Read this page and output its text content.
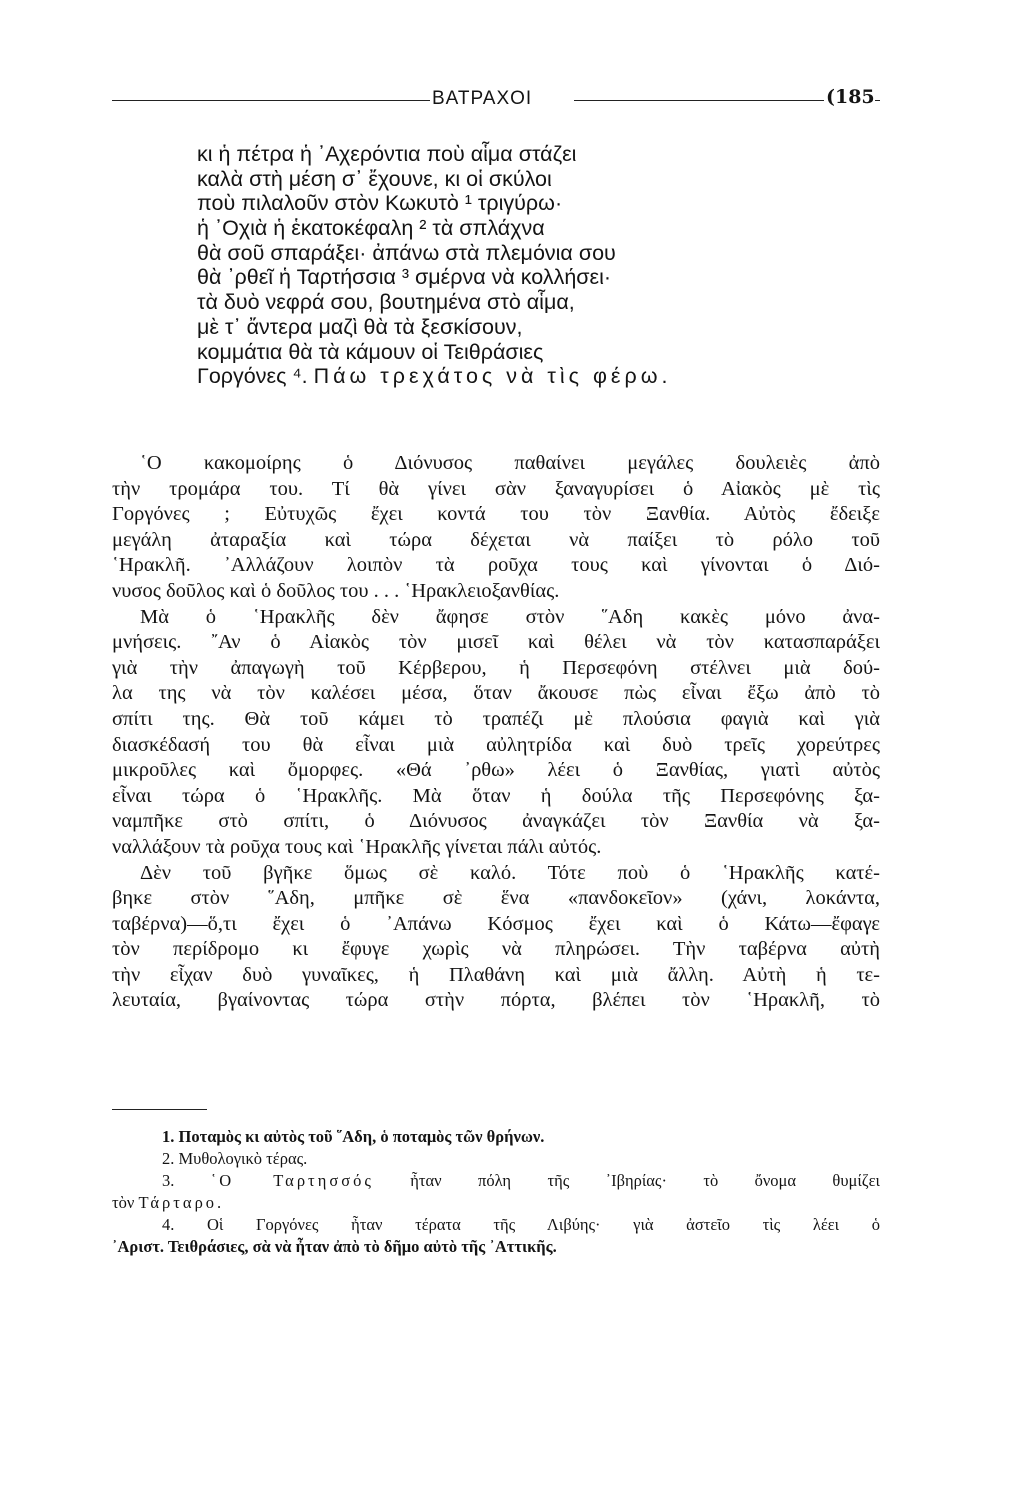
ΒΑΤΡΑΧΟΙ	(185
κι ἡ πέτρα ἡ ᾿Αχερόντια ποὺ αἷμα στάζει
καλὰ στὴ μέση σ᾿ ἔχουνε, κι οἱ σκύλοι
ποὺ πιλαλοῦν στὸν Κωκυτὸ ¹ τριγύρω·
ἡ ᾿Οχιὰ ἡ ἑκατοκέφαλη ² τὰ σπλάχνα
θὰ σοῦ σπαράξει· ἀπάνω στὰ πλεμόνια σου
θὰ ᾿ρθεῖ ἡ Ταρτήσσια ³ σμέρνα νὰ κολλήσει·
τὰ δυὸ νεφρά σου, βουτημένα στὸ αἷμα,
μὲ τ᾿ ἄντερα μαζὶ θὰ τὰ ξεσκίσουν,
κομμάτια θὰ τὰ κάμουν οἱ Τειθράσιες
Γοργόνες ⁴. Πάω τρεχάτος νὰ τὶς φέρω.
῾Ο κακομοίρης ὁ Διόνυσος παθαίνει μεγάλες δουλειὲς ἀπὸ
τὴν τρομάρα του. Τί θὰ γίνει σὰν ξαναγυρίσει ὁ Αἰακὸς μὲ τὶς
Γοργόνες ; Εὐτυχῶς ἔχει κοντά του τὸν Ξανθία. Αὐτὸς ἔδειξε
μεγάλη ἀταραξία καὶ τώρα δέχεται νὰ παίξει τὸ ρόλο τοῦ
῾Ηρακλῆ. ᾿Αλλάζουν λοιπὸν τὰ ροῦχα τους καὶ γίνονται ὁ Διό-
νυσος δοῦλος καὶ ὁ δοῦλος του . . . ῾Ηρακλειοξανθίας.
Μὰ ὁ ῾Ηρακλῆς δὲν ἄφησε στὸν ῞Αδη κακὲς μόνο ἀνα-
μνήσεις. ῎Αν ὁ Αἰακὸς τὸν μισεῖ καὶ θέλει νὰ τὸν κατασπαράξει
γιὰ τὴν ἀπαγωγὴ τοῦ Κέρβερου, ἡ Περσεφόνη στέλνει μιὰ δού-
λα της νὰ τὸν καλέσει μέσα, ὅταν ἄκουσε πὼς εἶναι ἔξω ἀπὸ τὸ
σπίτι της. Θὰ τοῦ κάμει τὸ τραπέζι μὲ πλούσια φαγιὰ καὶ γιὰ
διασκέδασή του θὰ εἶναι μιὰ αὐλητρίδα καὶ δυὸ τρεῖς χορεύτρες
μικροῦλες καὶ ὄμορφες. «Θά ᾿ρθω» λέει ὁ Ξανθίας, γιατὶ αὐτὸς
εἶναι τώρα ὁ ῾Ηρακλῆς. Μὰ ὅταν ἡ δούλα τῆς Περσεφόνης ξα-
ναμπῆκε στὸ σπίτι, ὁ Διόνυσος ἀναγκάζει τὸν Ξανθία νὰ ξα-
ναλλάξουν τὰ ροῦχα τους καὶ ῾Ηρακλῆς γίνεται πάλι αὐτός.
Δὲν τοῦ βγῆκε ὅμως σὲ καλό. Τότε ποὺ ὁ ῾Ηρακλῆς κατέ-
βηκε στὸν ῞Αδη, μπῆκε σὲ ἕνα «πανδοκεῖον» (χάνι, λοκάντα,
ταβέρνα)—ὅ,τι ἔχει ὁ ᾿Απάνω Κόσμος ἔχει καὶ ὁ Κάτω—ἔφαγε
τὸν περίδρομο κι ἔφυγε χωρὶς νὰ πληρώσει. Τὴν ταβέρνα αὐτὴ
τὴν εἶχαν δυὸ γυναῖκες, ἡ Πλαθάνη καὶ μιὰ ἄλλη. Αὐτὴ ἡ τε-
λευταία, βγαίνοντας τώρα στὴν πόρτα, βλέπει τὸν ῾Ηρακλῆ, τὸ
1. Ποταμὸς κι αὐτὸς τοῦ ῞Αδη, ὁ ποταμὸς τῶν θρήνων.
2. Μυθολογικὸ τέρας.
3. ῾Ο Ταρτησσός ἦταν πόλη τῆς ᾿Ιβηρίας· τὸ ὄνομα θυμίζει
τὸν Τάρταρο.
4. Οἱ Γοργόνες ἦταν τέρατα τῆς Λιβύης· γιὰ ἀστεῖο τὶς λέει ὁ
᾿Αριστ. Τειθράσιες, σὰ νὰ ἦταν ἀπὸ τὸ δῆμο αὐτὸ τῆς ᾿Αττικῆς.
